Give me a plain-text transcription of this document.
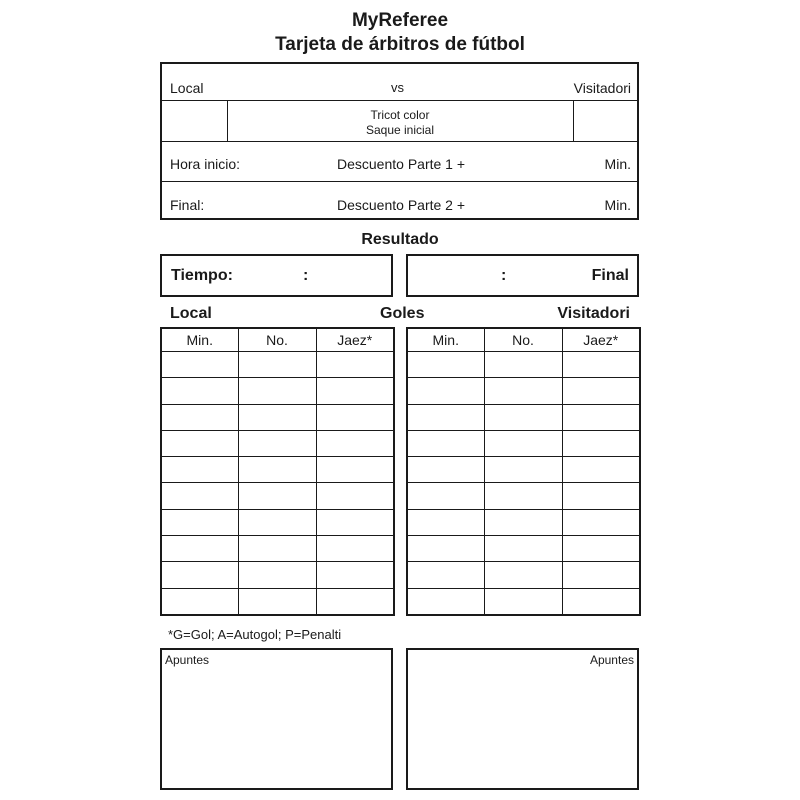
MyReferee
Tarjeta de árbitros de fútbol
Local	vs	Visitadori
Tricot color
Saque inicial
Hora inicio:	Descuento Parte 1 +	Min.
Final:	Descuento Parte 2 +	Min.
Resultado
Tiempo:	:	:	Final
Local	Goles	Visitadori
Min.	No.	Jaez*

			Min.	No.	Jaez*

*G=Gol; A=Autogol; P=Penalti
Apuntes	Apuntes
